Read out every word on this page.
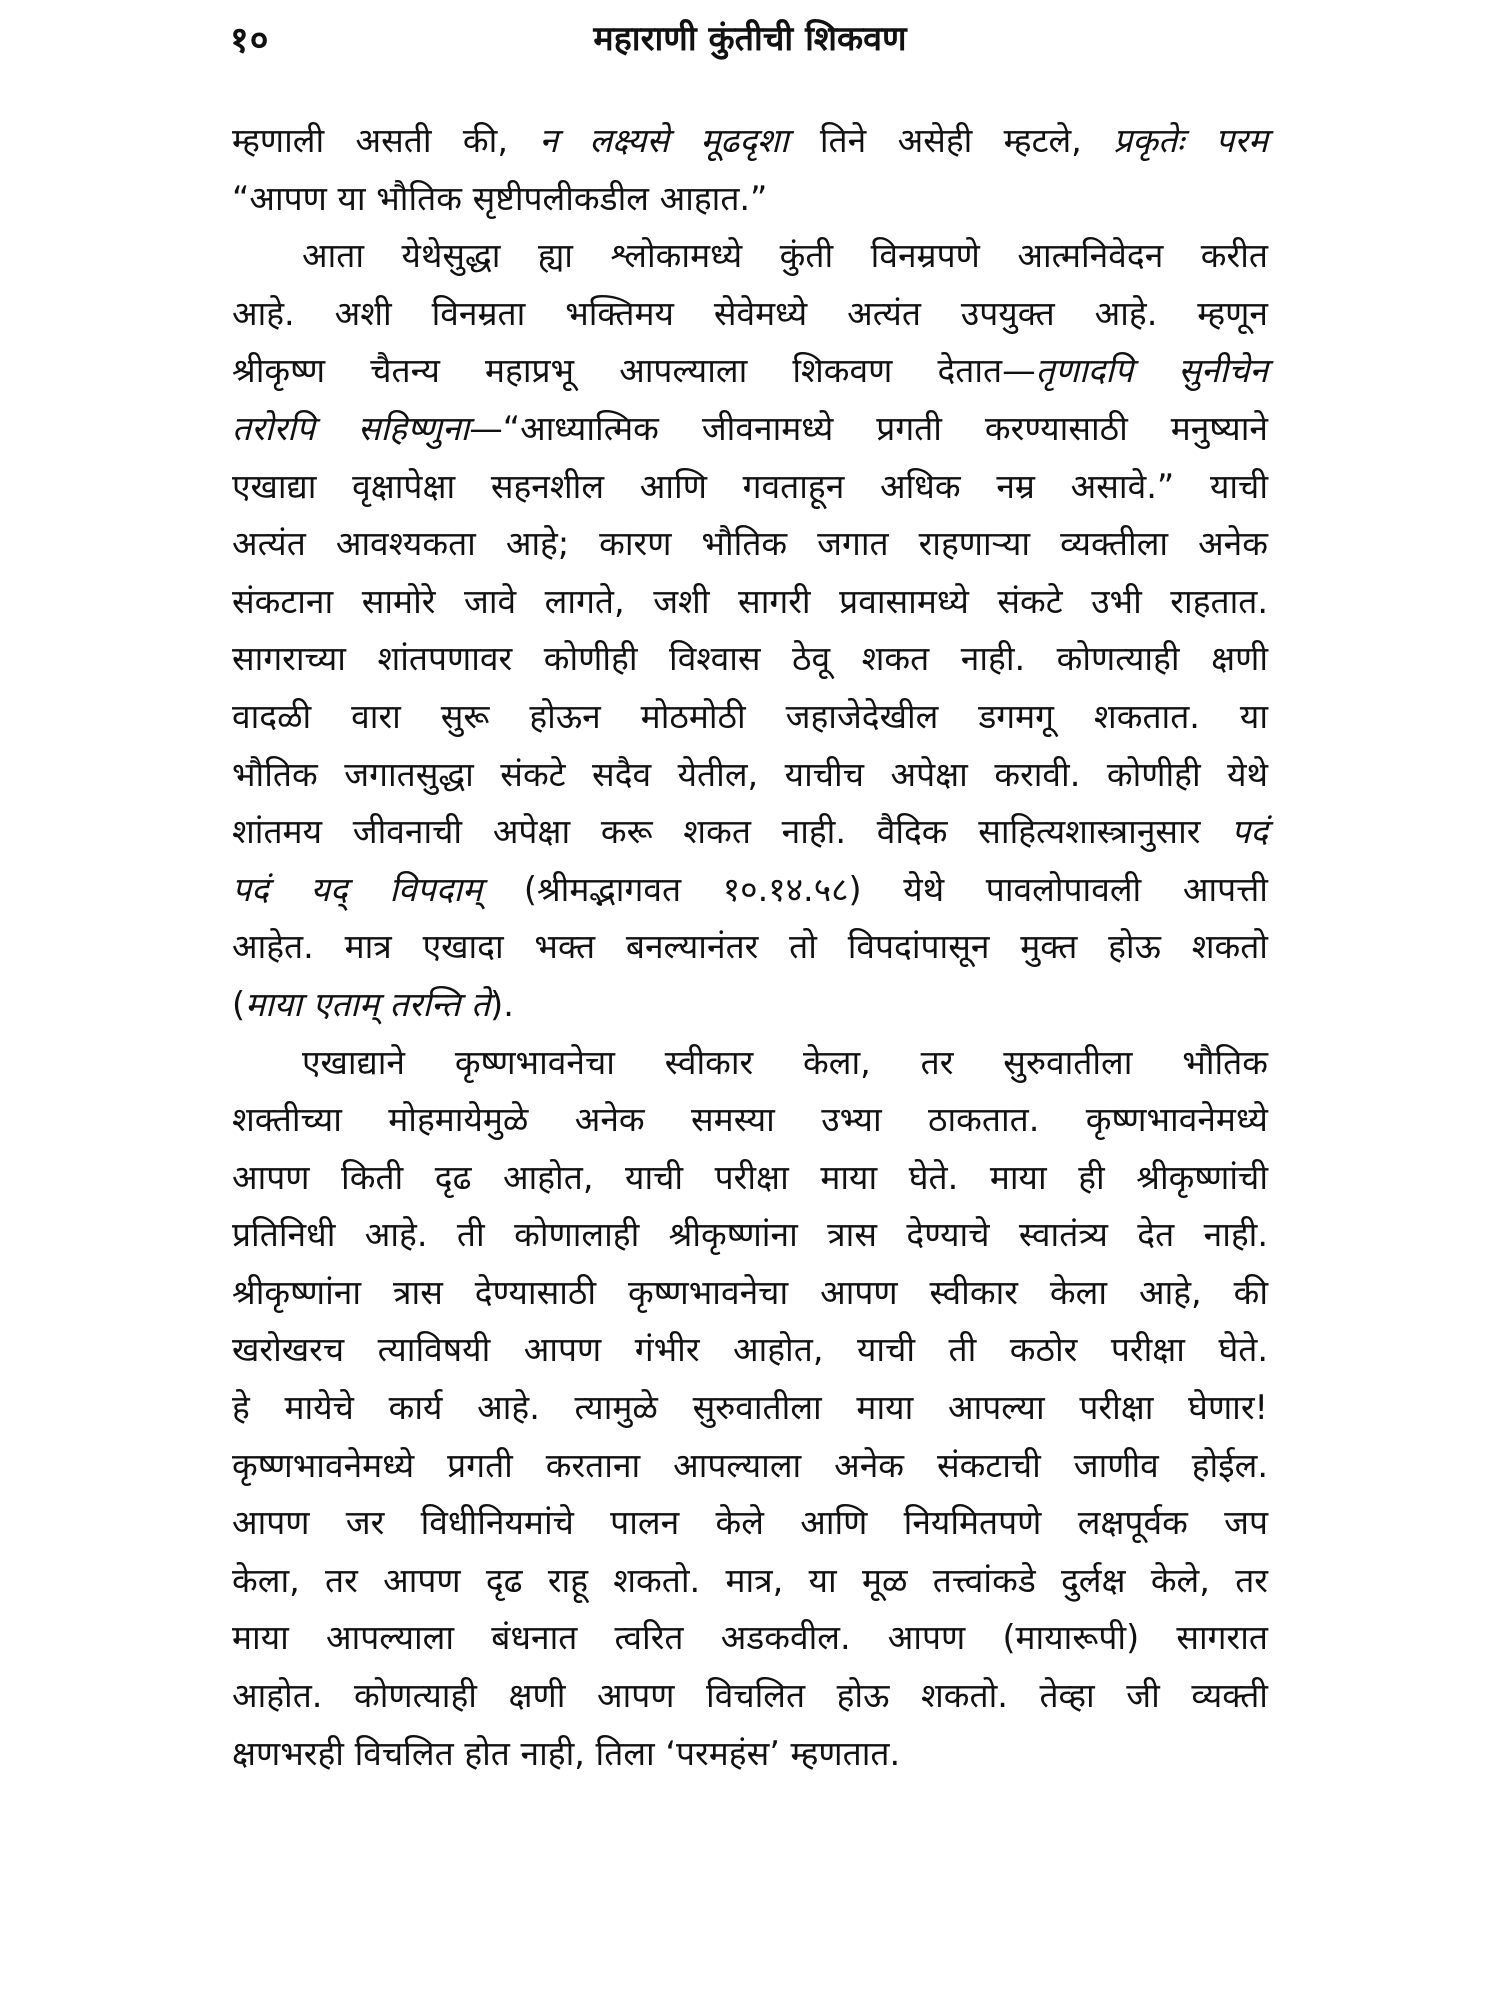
१०	महाराणी कुंतीची शिकवण
म्हणाली असती की, न लक्ष्यसे मूढदृशा तिने असेही म्हटले, प्रकृतेः परम
“आपण या भौतिक सृष्टीपलीकडील आहात.”
आता येथेसुद्धा ह्या श्लोकामध्ये कुंती विनम्रपणे आत्मनिवेदन करीत
आहे. अशी विनम्रता भक्तिमय सेवेमध्ये अत्यंत उपयुक्त आहे. म्हणून
श्रीकृष्ण चैतन्य महाप्रभू आपल्याला शिकवण देतात—तृणादपि सुनीचेन
तरोरपि सहिष्णुना—“आध्यात्मिक जीवनामध्ये प्रगती करण्यासाठी मनुष्याने
एखाद्या वृक्षापेक्षा सहनशील आणि गवताहून अधिक नम्र असावे.” याची
अत्यंत आवश्यकता आहे; कारण भौतिक जगात राहणाऱ्या व्यक्तीला अनेक
संकटाना सामोरे जावे लागते, जशी सागरी प्रवासामध्ये संकटे उभी राहतात.
सागराच्या शांतपणावर कोणीही विश्वास ठेवू शकत नाही. कोणत्याही क्षणी
वादळी वारा सुरू होऊन मोठमोठी जहाजेदेखील डगमगू शकतात. या
भौतिक जगातसुद्धा संकटे सदैव येतील, याचीच अपेक्षा करावी. कोणीही येथे
शांतमय जीवनाची अपेक्षा करू शकत नाही. वैदिक साहित्यशास्त्रानुसार पदं
पदं यद् विपदाम् (श्रीमद्भागवत १०.१४.५८) येथे पावलोपावली आपत्ती
आहेत. मात्र एखादा भक्त बनल्यानंतर तो विपदांपासून मुक्त होऊ शकतो
(माया एताम् तरन्ति ते).
एखाद्याने कृष्णभावनेचा स्वीकार केला, तर सुरुवातीला भौतिक
शक्तीच्या मोहमायेमुळे अनेक समस्या उभ्या ठाकतात. कृष्णभावनेमध्ये
आपण किती दृढ आहोत, याची परीक्षा माया घेते. माया ही श्रीकृष्णांची
प्रतिनिधी आहे. ती कोणालाही श्रीकृष्णांना त्रास देण्याचे स्वातंत्र्य देत नाही.
श्रीकृष्णांना त्रास देण्यासाठी कृष्णभावनेचा आपण स्वीकार केला आहे, की
खरोखरच त्याविषयी आपण गंभीर आहोत, याची ती कठोर परीक्षा घेते.
हे मायेचे कार्य आहे. त्यामुळे सुरुवातीला माया आपल्या परीक्षा घेणार!
कृष्णभावनेमध्ये प्रगती करताना आपल्याला अनेक संकटाची जाणीव होईल.
आपण जर विधीनियमांचे पालन केले आणि नियमितपणे लक्षपूर्वक जप
केला, तर आपण दृढ राहू शकतो. मात्र, या मूळ तत्त्वांकडे दुर्लक्ष केले, तर
माया आपल्याला बंधनात त्वरित अडकवील. आपण (मायारूपी) सागरात
आहोत. कोणत्याही क्षणी आपण विचलित होऊ शकतो. तेव्हा जी व्यक्ती
क्षणभरही विचलित होत नाही, तिला ‘परमहंस’ म्हणतात.
